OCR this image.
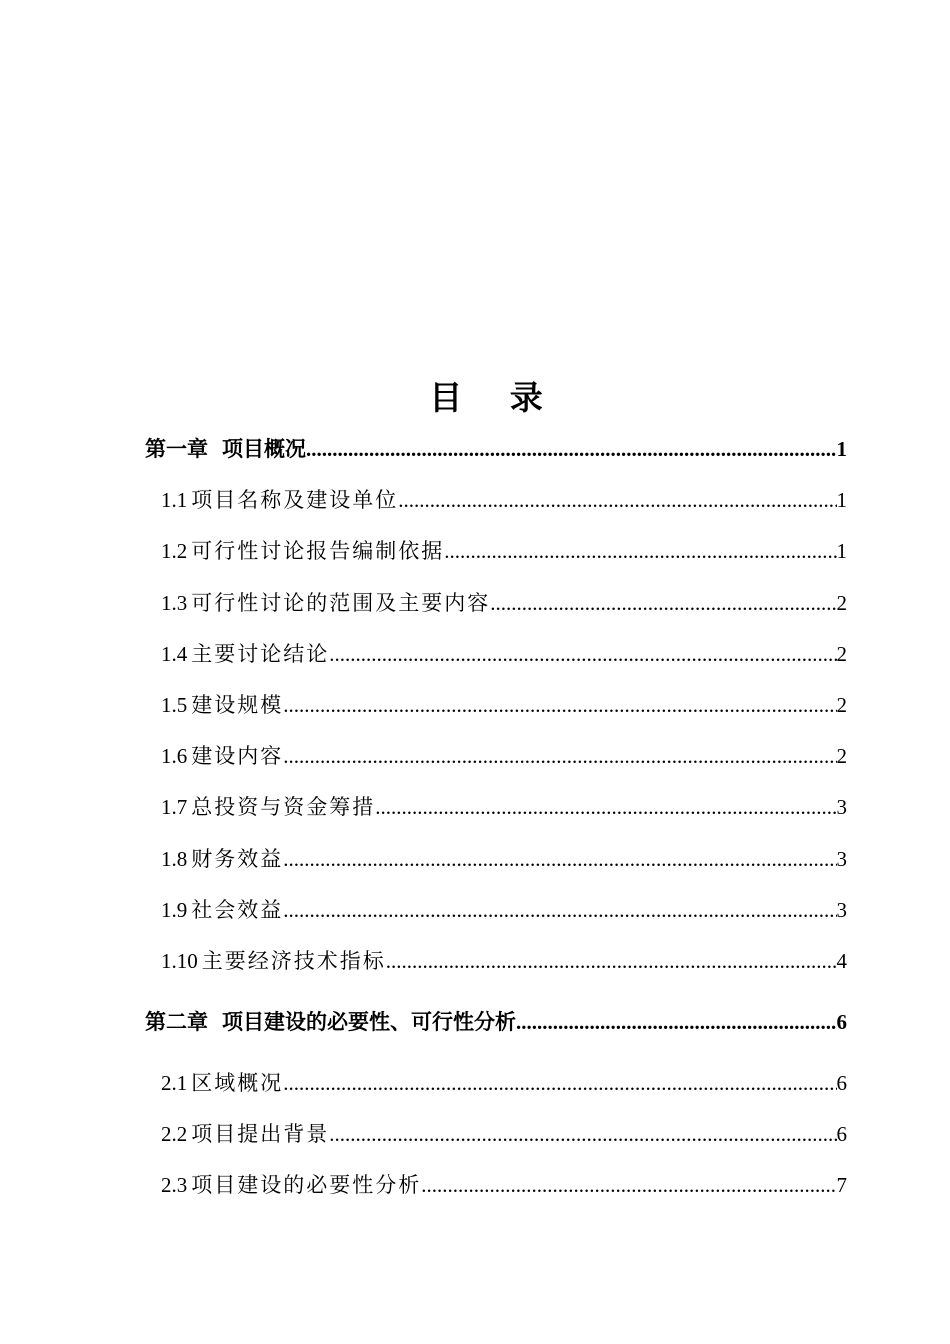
目 录
第一章 项目概况 .....	1
1.1 项目名称及建设单位 .....	1
1.2 可行性讨论报告编制依据 .....	1
1.3 可行性讨论的范围及主要内容 .....	2
1.4 主要讨论结论 .....	2
1.5 建设规模 .....	2
1.6 建设内容 .....	2
1.7 总投资与资金筹措 .....	3
1.8 财务效益 .....	3
1.9 社会效益 .....	3
1.10 主要经济技术指标 .....	4
第二章 项目建设的必要性、可行性分析 .....	6
2.1 区域概况 .....	6
2.2 项目提出背景 .....	6
2.3 项目建设的必要性分析 .....	7
